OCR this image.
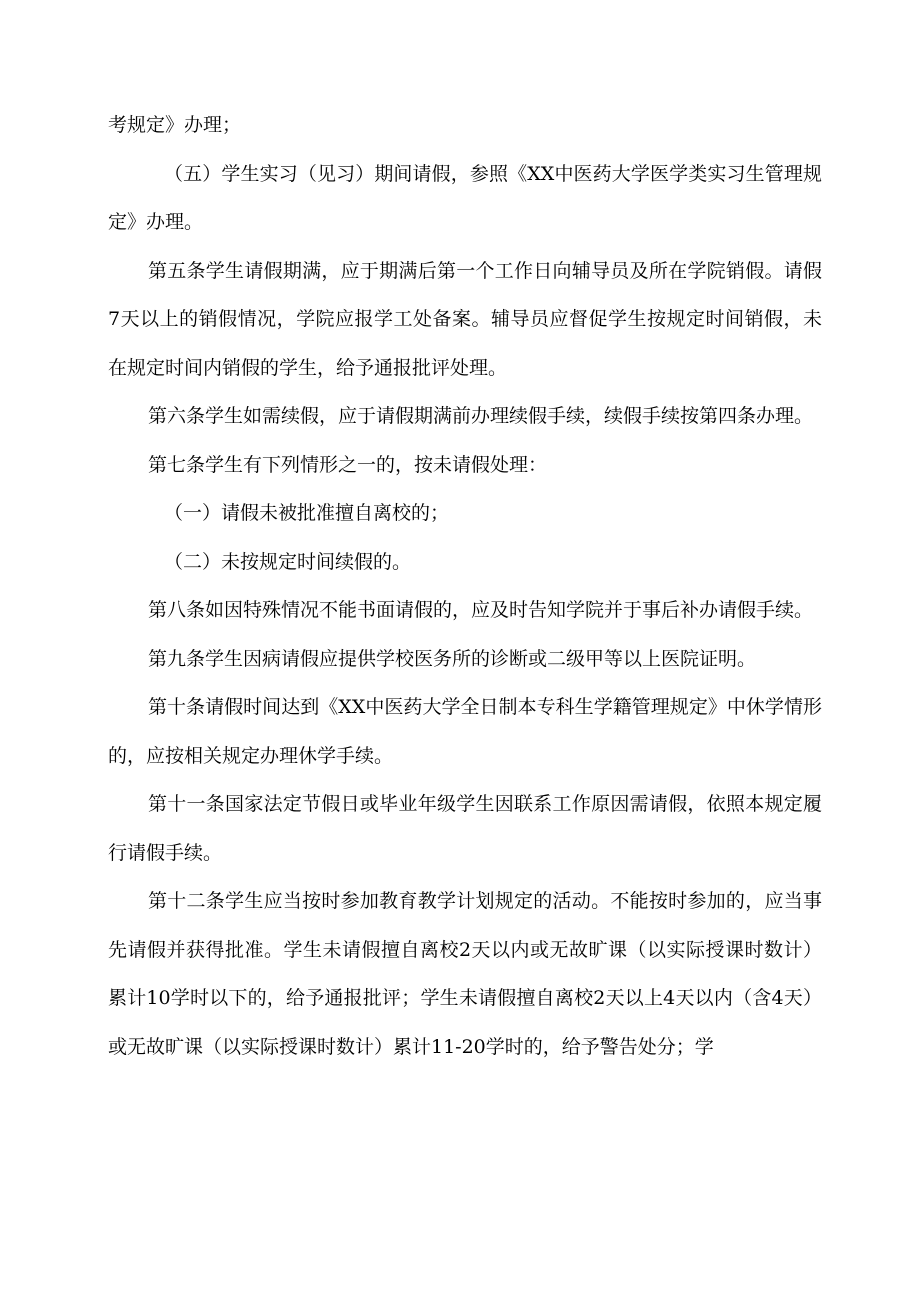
考规定》办理；

（五）学生实习（见习）期间请假，参照《XX中医药大学医学类实习生管理规定》办理。

第五条学生请假期满，应于期满后第一个工作日向辅导员及所在学院销假。请假7天以上的销假情况，学院应报学工处备案。辅导员应督促学生按规定时间销假，未在规定时间内销假的学生，给予通报批评处理。

第六条学生如需续假，应于请假期满前办理续假手续，续假手续按第四条办理。

第七条学生有下列情形之一的，按未请假处理：

（一）请假未被批准擅自离校的；

（二）未按规定时间续假的。

第八条如因特殊情况不能书面请假的，应及时告知学院并于事后补办请假手续。

第九条学生因病请假应提供学校医务所的诊断或二级甲等以上医院证明。

第十条请假时间达到《XX中医药大学全日制本专科生学籍管理规定》中休学情形的，应按相关规定办理休学手续。

第十一条国家法定节假日或毕业年级学生因联系工作原因需请假，依照本规定履行请假手续。

第十二条学生应当按时参加教育教学计划规定的活动。不能按时参加的，应当事先请假并获得批准。学生未请假擅自离校2天以内或无故旷课（以实际授课时数计）累计10学时以下的，给予通报批评；学生未请假擅自离校2天以上4天以内（含4天）或无故旷课（以实际授课时数计）累计11-20学时的，给予警告处分；学
